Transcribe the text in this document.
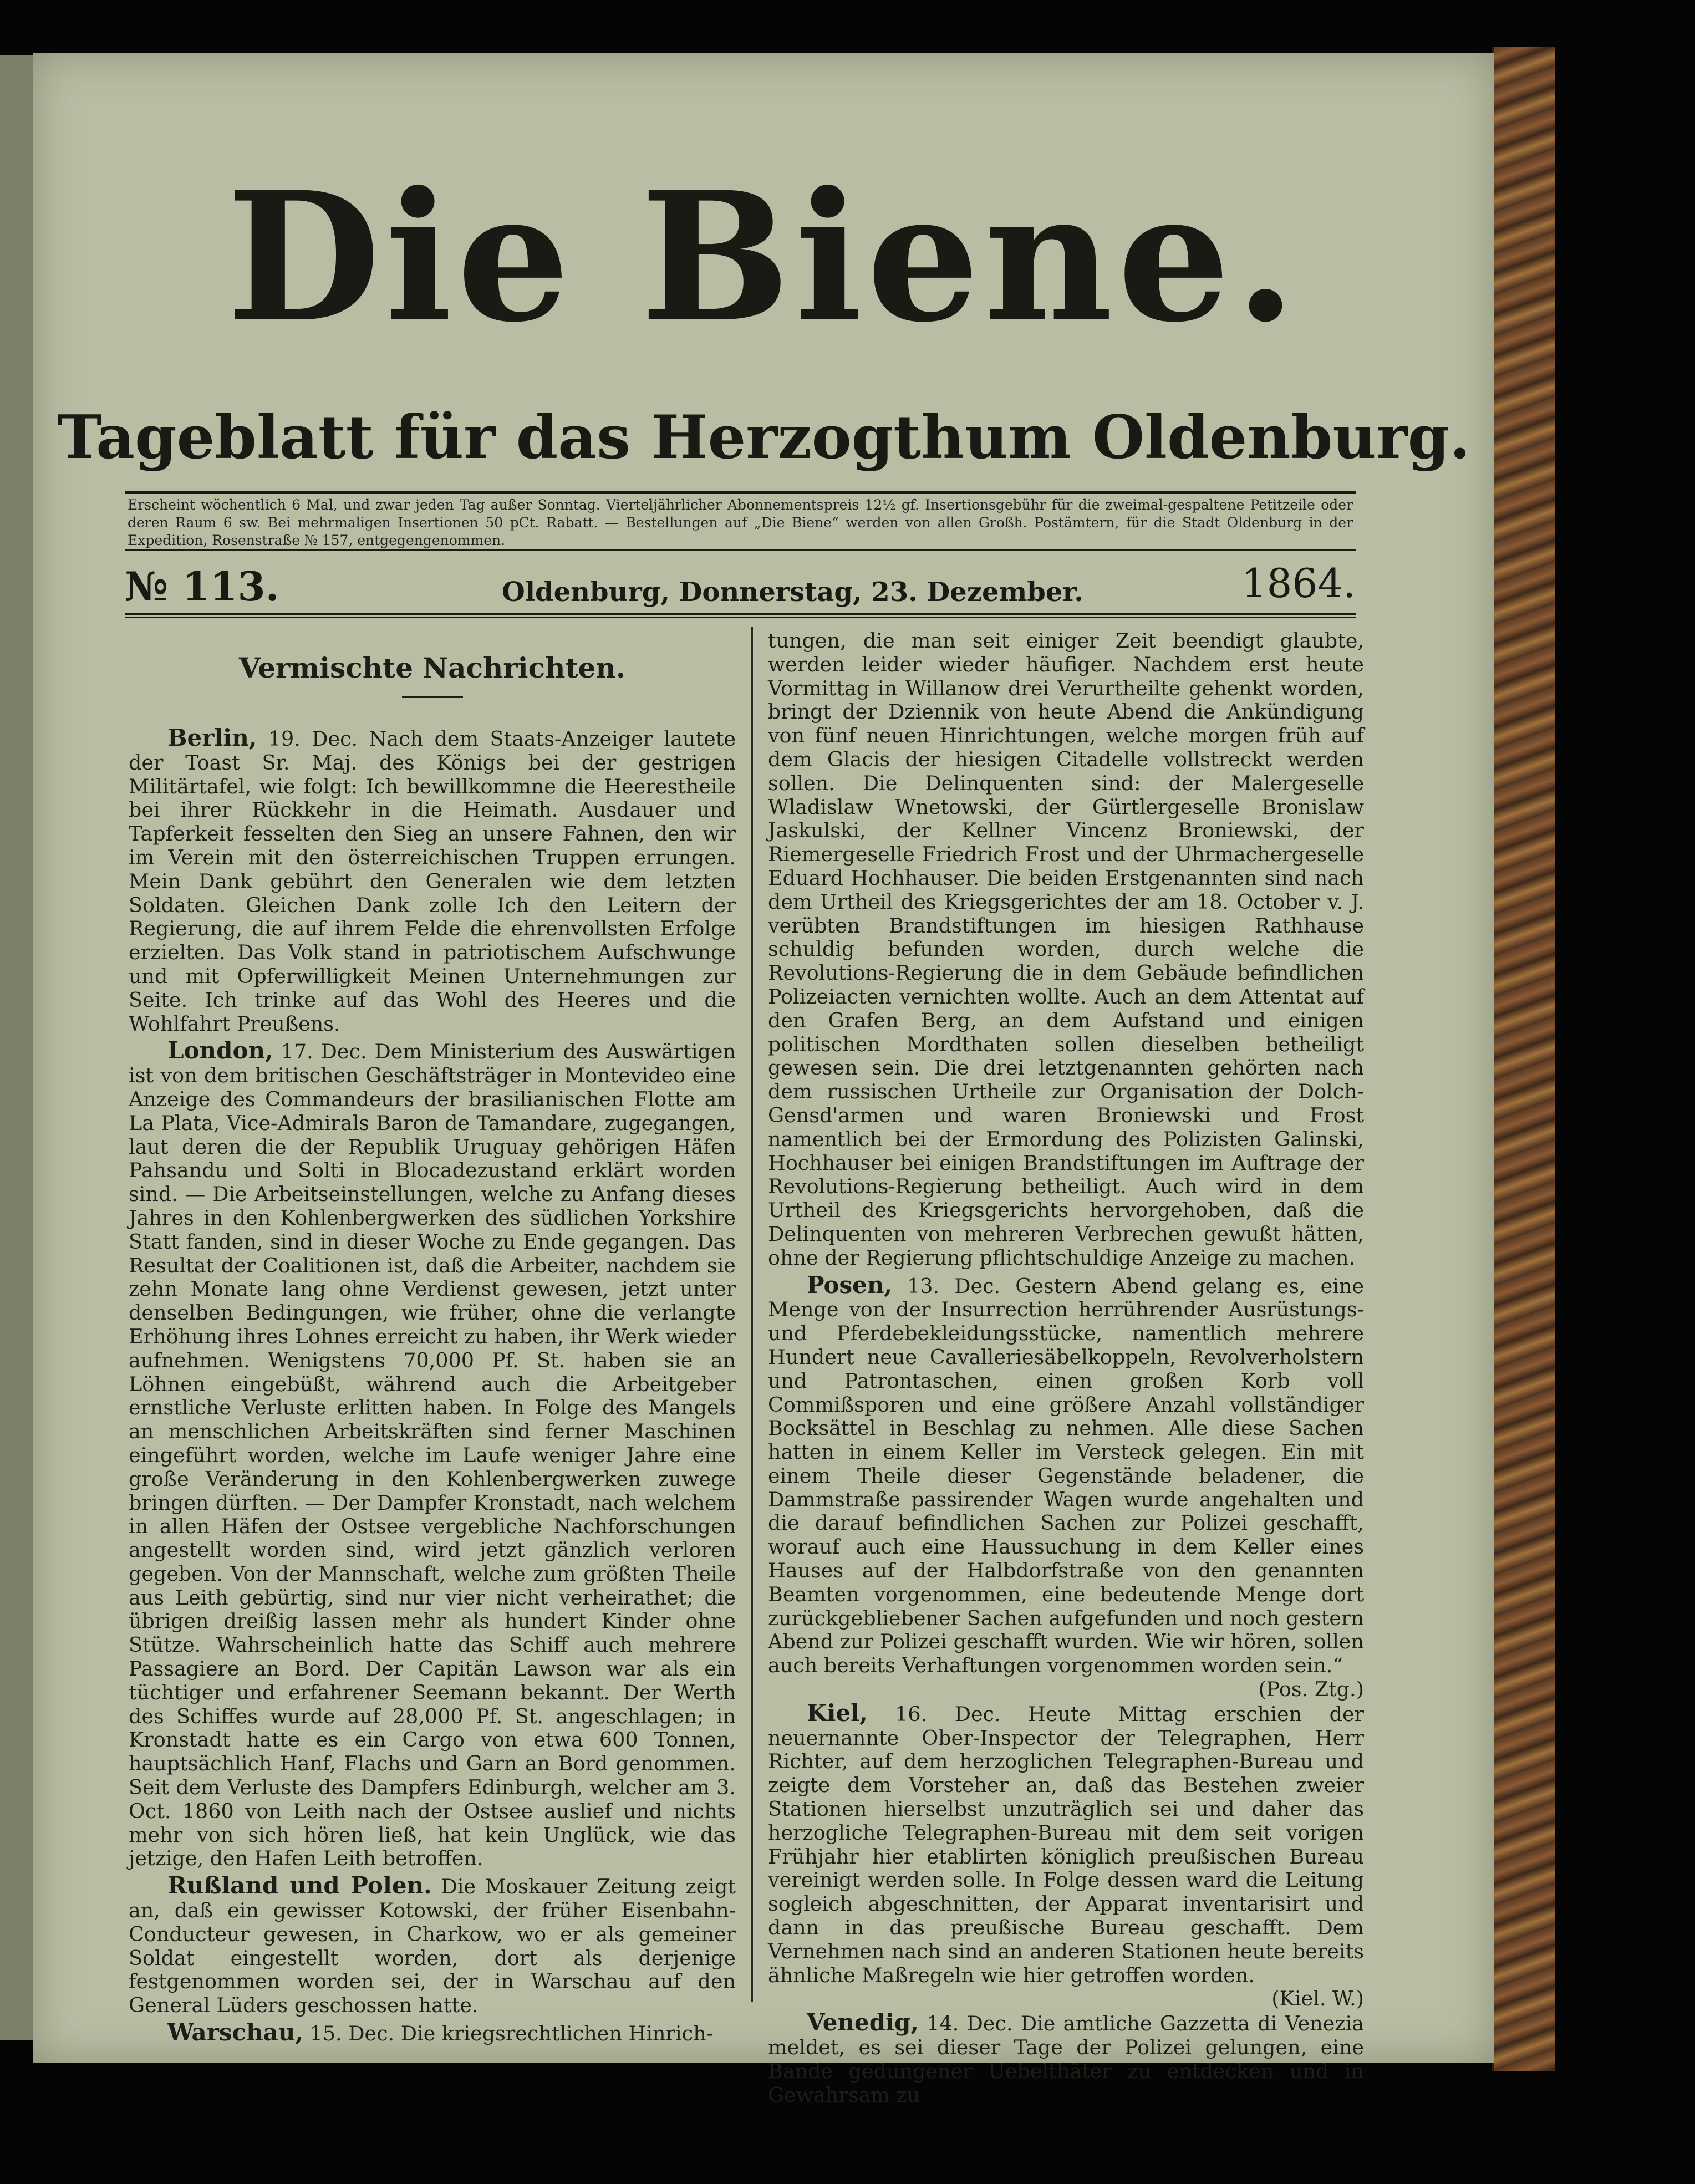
Die Biene.
Tageblatt für das Herzogthum Oldenburg.
Erscheint wöchentlich 6 Mal, und zwar jeden Tag außer Sonntag. Vierteljährlicher Abonnementspreis 12½ gf. Insertionsgebühr für die zweimal-gespaltene Petitzeile oder deren Raum 6 sw. Bei mehrmaligen Insertionen 50 pCt. Rabatt. — Bestellungen auf „Die Biene“ werden von allen Großh. Postämtern, für die Stadt Oldenburg in der Expedition, Rosenstraße № 157, entgegengenommen.
№ 113.	Oldenburg, Donnerstag, 23. Dezember.	1864.
Vermischte Nachrichten.

Berlin, 19. Dec. Nach dem Staats-Anzeiger lautete der Toast Sr. Maj. des Königs bei der gestrigen Militärtafel, wie folgt: Ich bewillkommne die Heerestheile bei ihrer Rückkehr in die Heimath. Ausdauer und Tapferkeit fesselten den Sieg an unsere Fahnen, den wir im Verein mit den österreichischen Truppen errungen. Mein Dank gebührt den Generalen wie dem letzten Soldaten. Gleichen Dank zolle Ich den Leitern der Regierung, die auf ihrem Felde die ehrenvollsten Erfolge erzielten. Das Volk stand in patriotischem Aufschwunge und mit Opferwilligkeit Meinen Unternehmungen zur Seite. Ich trinke auf das Wohl des Heeres und die Wohlfahrt Preußens.

London, 17. Dec. Dem Ministerium des Auswärtigen ist von dem britischen Geschäftsträger in Montevideo eine Anzeige des Commandeurs der brasilianischen Flotte am La Plata, Vice-Admirals Baron de Tamandare, zugegangen, laut deren die der Republik Uruguay gehörigen Häfen Pahsandu und Solti in Blocadezustand erklärt worden sind. — Die Arbeitseinstellungen, welche zu Anfang dieses Jahres in den Kohlenbergwerken des südlichen Yorkshire Statt fanden, sind in dieser Woche zu Ende gegangen. Das Resultat der Coalitionen ist, daß die Arbeiter, nachdem sie zehn Monate lang ohne Verdienst gewesen, jetzt unter denselben Bedingungen, wie früher, ohne die verlangte Erhöhung ihres Lohnes erreicht zu haben, ihr Werk wieder aufnehmen. Wenigstens 70,000 Pf. St. haben sie an Löhnen eingebüßt, während auch die Arbeitgeber ernstliche Verluste erlitten haben. In Folge des Mangels an menschlichen Arbeitskräften sind ferner Maschinen eingeführt worden, welche im Laufe weniger Jahre eine große Veränderung in den Kohlenbergwerken zuwege bringen dürften. — Der Dampfer Kronstadt, nach welchem in allen Häfen der Ostsee vergebliche Nachforschungen angestellt worden sind, wird jetzt gänzlich verloren gegeben. Von der Mannschaft, welche zum größten Theile aus Leith gebürtig, sind nur vier nicht verheirathet; die übrigen dreißig lassen mehr als hundert Kinder ohne Stütze. Wahrscheinlich hatte das Schiff auch mehrere Passagiere an Bord. Der Capitän Lawson war als ein tüchtiger und erfahrener Seemann bekannt. Der Werth des Schiffes wurde auf 28,000 Pf. St. angeschlagen; in Kronstadt hatte es ein Cargo von etwa 600 Tonnen, hauptsächlich Hanf, Flachs und Garn an Bord genommen. Seit dem Verluste des Dampfers Edinburgh, welcher am 3. Oct. 1860 von Leith nach der Ostsee auslief und nichts mehr von sich hören ließ, hat kein Unglück, wie das jetzige, den Hafen Leith betroffen.

Rußland und Polen. Die Moskauer Zeitung zeigt an, daß ein gewisser Kotowski, der früher Eisenbahn-Conducteur gewesen, in Charkow, wo er als gemeiner Soldat eingestellt worden, dort als derjenige festgenommen worden sei, der in Warschau auf den General Lüders geschossen hatte.

Warschau, 15. Dec. Die kriegsrechtlichen Hinrich-

tungen, die man seit einiger Zeit beendigt glaubte, werden leider wieder häufiger. Nachdem erst heute Vormittag in Willanow drei Verurtheilte gehenkt worden, bringt der Dziennik von heute Abend die Ankündigung von fünf neuen Hinrichtungen, welche morgen früh auf dem Glacis der hiesigen Citadelle vollstreckt werden sollen. Die Delinquenten sind: der Malergeselle Wladislaw Wnetowski, der Gürtlergeselle Bronislaw Jaskulski, der Kellner Vincenz Broniewski, der Riemergeselle Friedrich Frost und der Uhrmachergeselle Eduard Hochhauser. Die beiden Erstgenannten sind nach dem Urtheil des Kriegsgerichtes der am 18. October v. J. verübten Brandstiftungen im hiesigen Rathhause schuldig befunden worden, durch welche die Revolutions-Regierung die in dem Gebäude befindlichen Polizeiacten vernichten wollte. Auch an dem Attentat auf den Grafen Berg, an dem Aufstand und einigen politischen Mordthaten sollen dieselben betheiligt gewesen sein. Die drei letztgenannten gehörten nach dem russischen Urtheile zur Organisation der Dolch-Gensd'armen und waren Broniewski und Frost namentlich bei der Ermordung des Polizisten Galinski, Hochhauser bei einigen Brandstiftungen im Auftrage der Revolutions-Regierung betheiligt. Auch wird in dem Urtheil des Kriegsgerichts hervorgehoben, daß die Delinquenten von mehreren Verbrechen gewußt hätten, ohne der Regierung pflichtschuldige Anzeige zu machen.

Posen, 13. Dec. Gestern Abend gelang es, eine Menge von der Insurrection herrührender Ausrüstungs- und Pferdebekleidungsstücke, namentlich mehrere Hundert neue Cavalleriesäbelkoppeln, Revolverholstern und Patrontaschen, einen großen Korb voll Commißsporen und eine größere Anzahl vollständiger Bocksättel in Beschlag zu nehmen. Alle diese Sachen hatten in einem Keller im Versteck gelegen. Ein mit einem Theile dieser Gegenstände beladener, die Dammstraße passirender Wagen wurde angehalten und die darauf befindlichen Sachen zur Polizei geschafft, worauf auch eine Haussuchung in dem Keller eines Hauses auf der Halbdorfstraße von den genannten Beamten vorgenommen, eine bedeutende Menge dort zurückgebliebener Sachen aufgefunden und noch gestern Abend zur Polizei geschafft wurden. Wie wir hören, sollen auch bereits Verhaftungen vorgenommen worden sein.“
(Pos. Ztg.)

Kiel, 16. Dec. Heute Mittag erschien der neuernannte Ober-Inspector der Telegraphen, Herr Richter, auf dem herzoglichen Telegraphen-Bureau und zeigte dem Vorsteher an, daß das Bestehen zweier Stationen hierselbst unzuträglich sei und daher das herzogliche Telegraphen-Bureau mit dem seit vorigen Frühjahr hier etablirten königlich preußischen Bureau vereinigt werden solle. In Folge dessen ward die Leitung sogleich abgeschnitten, der Apparat inventarisirt und dann in das preußische Bureau geschafft. Dem Vernehmen nach sind an anderen Stationen heute bereits ähnliche Maßregeln wie hier getroffen worden.
(Kiel. W.)

Venedig, 14. Dec. Die amtliche Gazzetta di Venezia meldet, es sei dieser Tage der Polizei gelungen, eine Bande gedungener Uebelthäter zu entdecken und in Gewahrsam zu
